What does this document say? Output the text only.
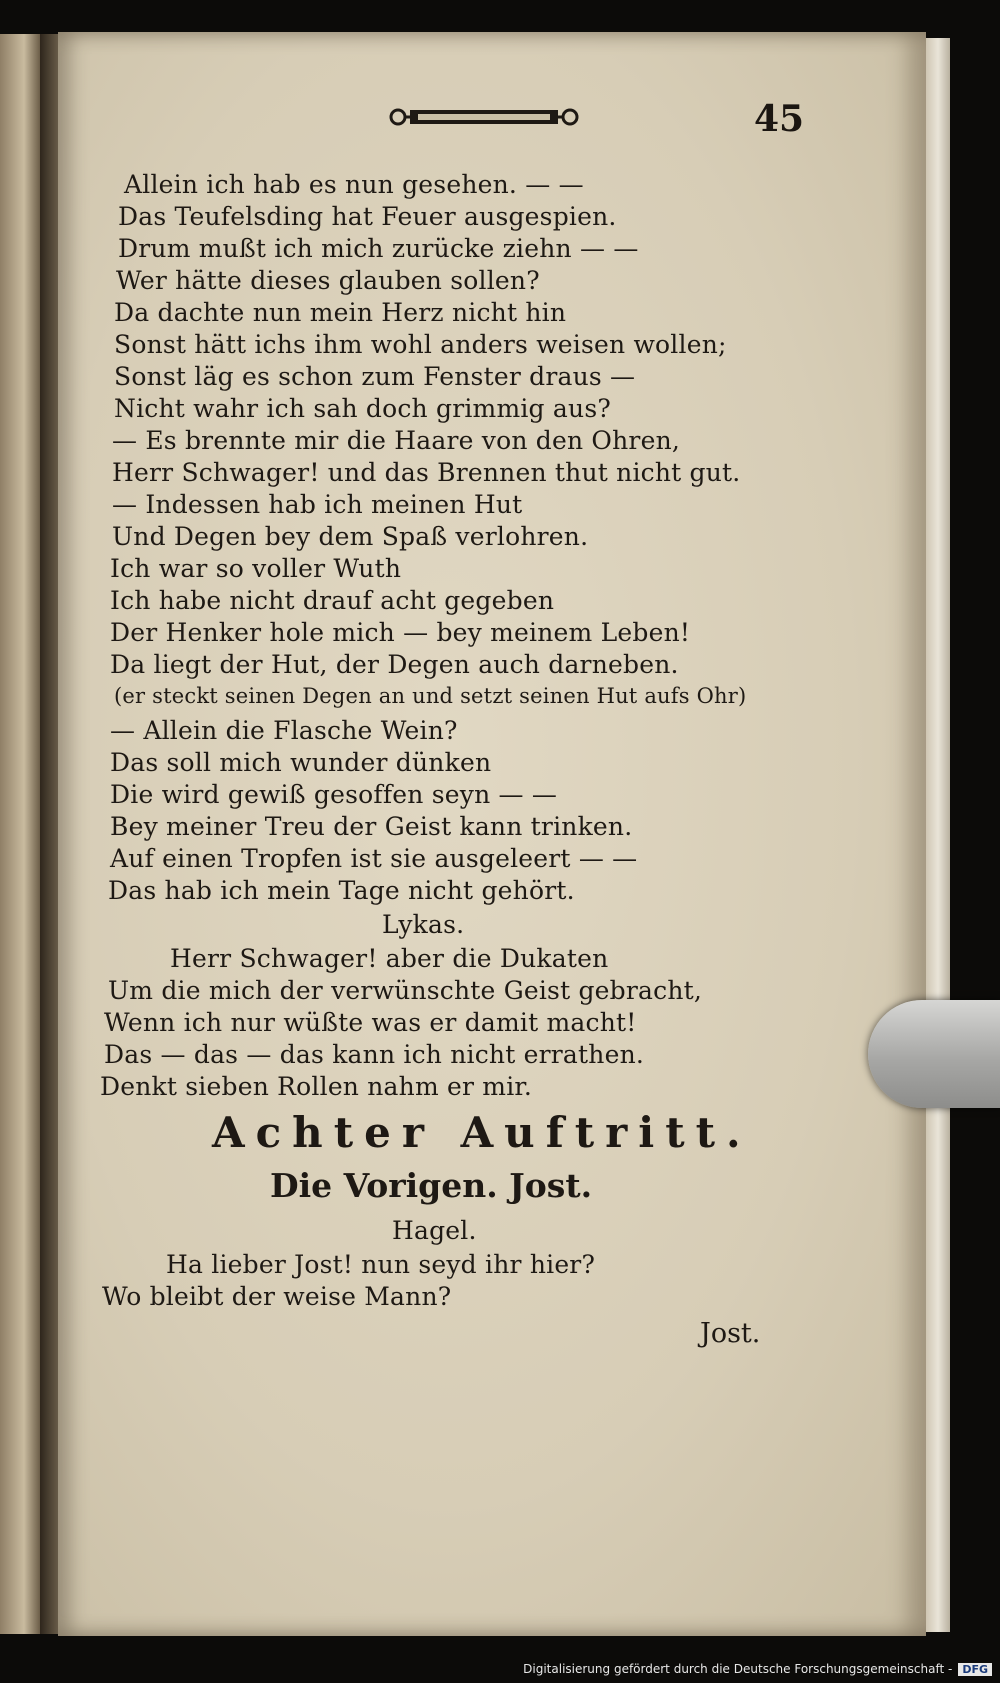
45
Allein ich hab es nun gesehen. — —
Das Teufelsding hat Feuer ausgespien.
Drum mußt ich mich zurücke ziehn — —
Wer hätte dieses glauben sollen?
Da dachte nun mein Herz nicht hin
Sonst hätt ichs ihm wohl anders weisen wollen;
Sonst läg es schon zum Fenster draus —
Nicht wahr ich sah doch grimmig aus?
— Es brennte mir die Haare von den Ohren,
Herr Schwager! und das Brennen thut nicht gut.
— Indessen hab ich meinen Hut
Und Degen bey dem Spaß verlohren.
Ich war so voller Wuth
Ich habe nicht drauf acht gegeben
Der Henker hole mich — bey meinem Leben!
Da liegt der Hut, der Degen auch darneben.
(er steckt seinen Degen an und setzt seinen Hut aufs Ohr)
— Allein die Flasche Wein?
Das soll mich wunder dünken
Die wird gewiß gesoffen seyn — —
Bey meiner Treu der Geist kann trinken.
Auf einen Tropfen ist sie ausgeleert — —
Das hab ich mein Tage nicht gehört.
Lykas.
Herr Schwager! aber die Dukaten
Um die mich der verwünschte Geist gebracht,
Wenn ich nur wüßte was er damit macht!
Das — das — das kann ich nicht errathen.
Denkt sieben Rollen nahm er mir.
Achter Auftritt.
Die Vorigen. Jost.
Hagel.
Ha lieber Jost! nun seyd ihr hier?
Wo bleibt der weise Mann?
Jost.
Digitalisierung gefördert durch die Deutsche Forschungsgemeinschaft - DFG
